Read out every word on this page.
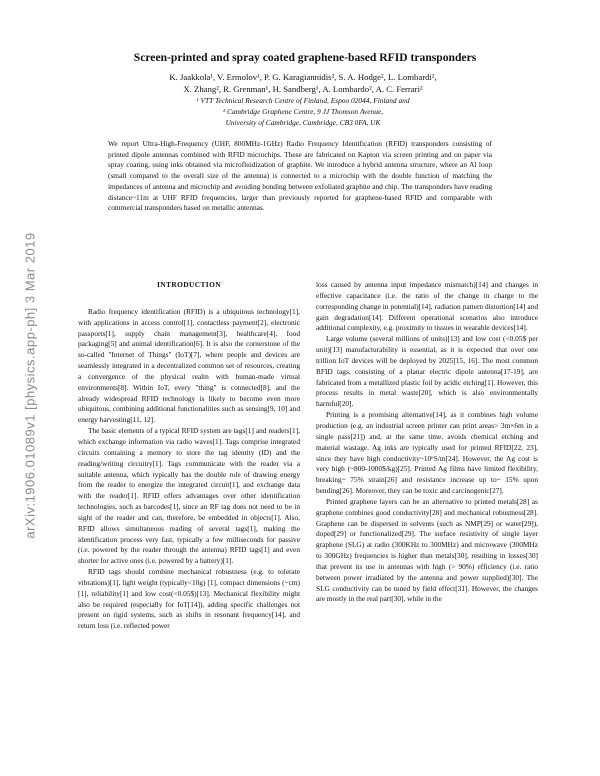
arXiv:1906.01089v1 [physics.app-ph] 3 Mar 2019
Screen-printed and spray coated graphene-based RFID transponders
K. Jaakkola¹, V. Ermolov¹, P. G. Karagiannidis², S. A. Hodge², L. Lombardi²,
X. Zhang², R. Grenman¹, H. Sandberg¹, A. Lombardo², A. C. Ferrari²
¹ VTT Technical Research Centre of Finland, Espoo 02044, Finland and
² Cambridge Graphene Centre, 9 JJ Thomson Avenue,
University of Cambridge, Cambridge, CB3 0FA, UK
We report Ultra-High-Frequency (UHF, 800MHz-1GHz) Radio Frequency Identification (RFID) transponders consisting of printed dipole antennas combined with RFID microchips. These are fabricated on Kapton via screen printing and on paper via spray coating, using inks obtained via microfluidization of graphite. We introduce a hybrid antenna structure, where an Al loop (small compared to the overall size of the antenna) is connected to a microchip with the double function of matching the impedances of antenna and microchip and avoiding bonding between exfoliated graphite and chip. The transponders have reading distance~11m at UHF RFID frequencies, larger than previously reported for graphene-based RFID and comparable with commercial transponders based on metallic antennas.
INTRODUCTION

Radio frequency identification (RFID) is a ubiquitous technology[1], with applications in access control[1], contactless payment[2], electronic passports[1], supply chain management[3], healthcare[4], food packaging[5] and animal identification[6]. It is also the cornerstone of the so-called "Internet of Things" (IoT)[7], where people and devices are seamlessly integrated in a decentralized common set of resources, creating a convergence of the physical realm with human-made virtual environments[8]. Within IoT, every "thing" is connected[8], and the already widespread RFID technology is likely to become even more ubiquitous, combining additional functionalities such as sensing[9, 10] and energy harvesting[11, 12].

The basic elements of a typical RFID system are tags[1] and readers[1], which exchange information via radio waves[1]. Tags comprise integrated circuits containing a memory to store the tag identity (ID) and the reading/writing circuitry[1]. Tags communicate with the reader via a suitable antenna, which typically has the double role of drawing energy from the reader to energize the integrated circuit[1], and exchange data with the reader[1]. RFID offers advantages over other identification technologies, such as barcodes[1], since an RF tag does not need to be in sight of the reader and can, therefore, be embedded in objects[1]. Also, RFID allows simultaneous reading of several tags[1], making the identification process very fast, typically a few milliseconds for passive (i.e. powered by the reader through the antenna) RFID tags[1] and even shorter for active ones (i.e. powered by a battery)[1].

RFID tags should combine mechanical robustness (e.g. to tolerate vibrations)[1], light weight (typically<10g) [1], compact dimensions (~cm)[1], reliability[1] and low cost(<0.05$)[13]. Mechanical flexibility might also be required (especially for IoT[14]), adding specific challenges not present on rigid systems, such as shifts in resonant frequency[14], and return loss (i.e. reflected power

loss caused by antenna input impedance mismatch)[14] and changes in effective capacitance (i.e. the ratio of the change in charge to the corresponding change in potential)[14], radiation pattern distortion[14] and gain degradation[14]. Different operational scenarios also introduce additional complexity, e.g. proximity to tissues in wearable devices[14].

Large volume (several millions of units)[13] and low cost (<0.05$ per unit)[13] manufacturability is essential, as it is expected that over one trillion IoT devices will be deployed by 2025[15, 16]. The most common RFID tags, consisting of a planar electric dipole antenna[17-19], are fabricated from a metallized plastic foil by acidic etching[1]. However, this process results in metal waste[20], which is also environmentally harmful[20].

Printing is a promising alternative[14], as it combines high volume production (e.g. an industrial screen printer can print areas> 3m×6m in a single pass[21]) and, at the same time, avoids chemical etching and material wastage. Ag inks are typically used for printed RFID[22, 23], since they have high conductivity~10⁶S/m[24]. However, the Ag cost is very high (~800-1000$/kg)[25]. Printed Ag films have limited flexibility, breaking~ 75% strain[26] and resistance increase up to~ 15% upon bending[26]. Moreover, they can be toxic and carcinogenic[27].

Printed graphene layers can be an alternative to printed metals[28] as graphene combines good conductivity[28] and mechanical robustness[28]. Graphene can be dispersed in solvents (such as NMP[29] or water[29]), doped[29] or functionalized[29]. The surface resistivity of single layer graphene (SLG) at radio (300KHz to 300MHz) and microwave (300MHz to 300GHz) frequencies is higher than metals[30], resulting in losses[30] that prevent its use in antennas with high (> 90%) efficiency (i.e. ratio between power irradiated by the antenna and power supplied)[30]. The SLG conductivity can be tuned by field effect[31]. However, the changes are mostly in the real part[30], while in the
